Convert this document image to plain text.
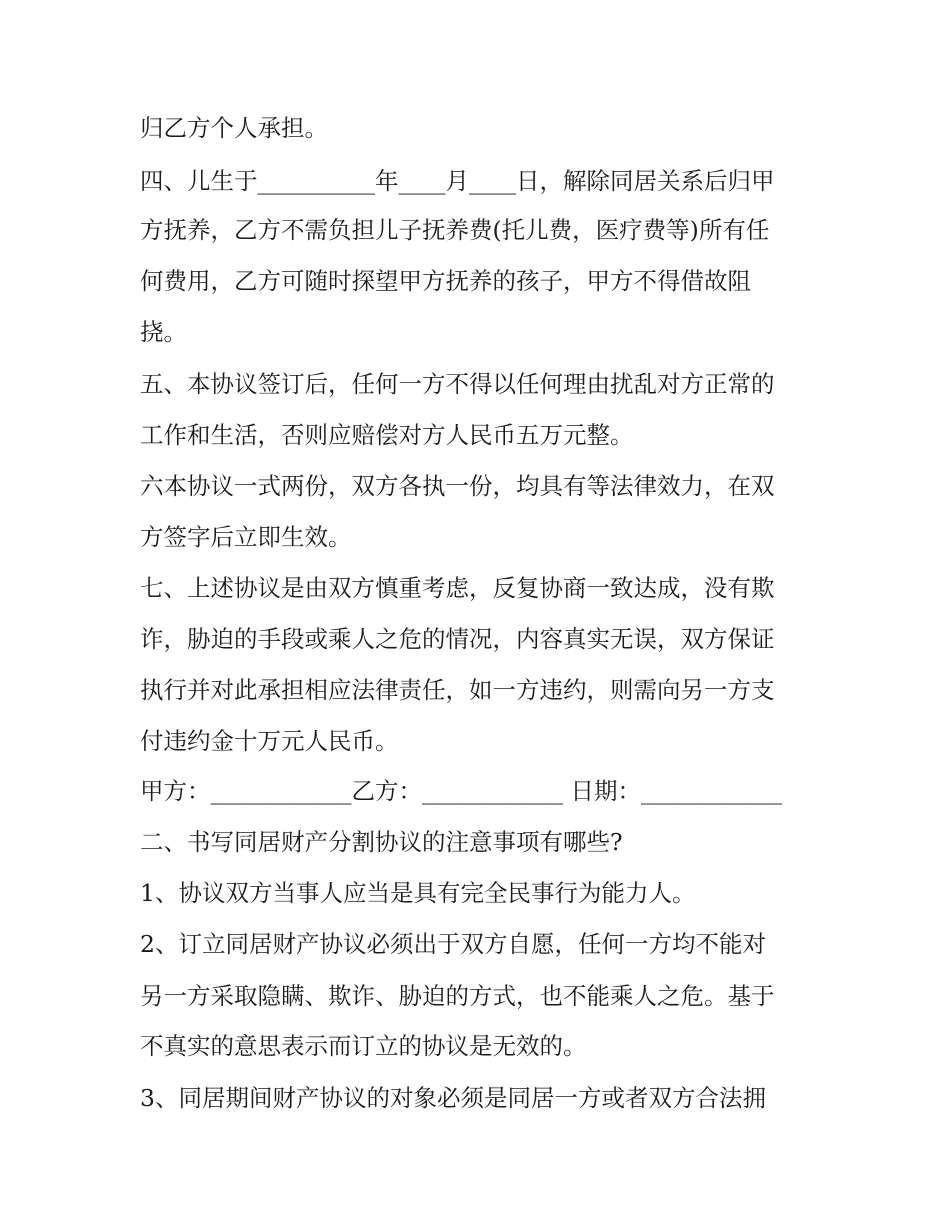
归乙方个人承担。

四、儿生于__________年____月____日，解除同居关系后归甲

方抚养，乙方不需负担儿子抚养费(托儿费，医疗费等)所有任

何费用，乙方可随时探望甲方抚养的孩子，甲方不得借故阻

挠。

五、本协议签订后，任何一方不得以任何理由扰乱对方正常的

工作和生活，否则应赔偿对方人民币五万元整。

六本协议一式两份，双方各执一份，均具有等法律效力，在双

方签字后立即生效。

七、上述协议是由双方慎重考虑，反复协商一致达成，没有欺

诈，胁迫的手段或乘人之危的情况，内容真实无误，双方保证

执行并对此承担相应法律责任，如一方违约，则需向另一方支

付违约金十万元人民币。

甲方：____________乙方：____________ 日期：____________

二、书写同居财产分割协议的注意事项有哪些?

1、协议双方当事人应当是具有完全民事行为能力人。

2、订立同居财产协议必须出于双方自愿，任何一方均不能对

另一方采取隐瞒、欺诈、胁迫的方式，也不能乘人之危。基于

不真实的意思表示而订立的协议是无效的。

3、同居期间财产协议的对象必须是同居一方或者双方合法拥
